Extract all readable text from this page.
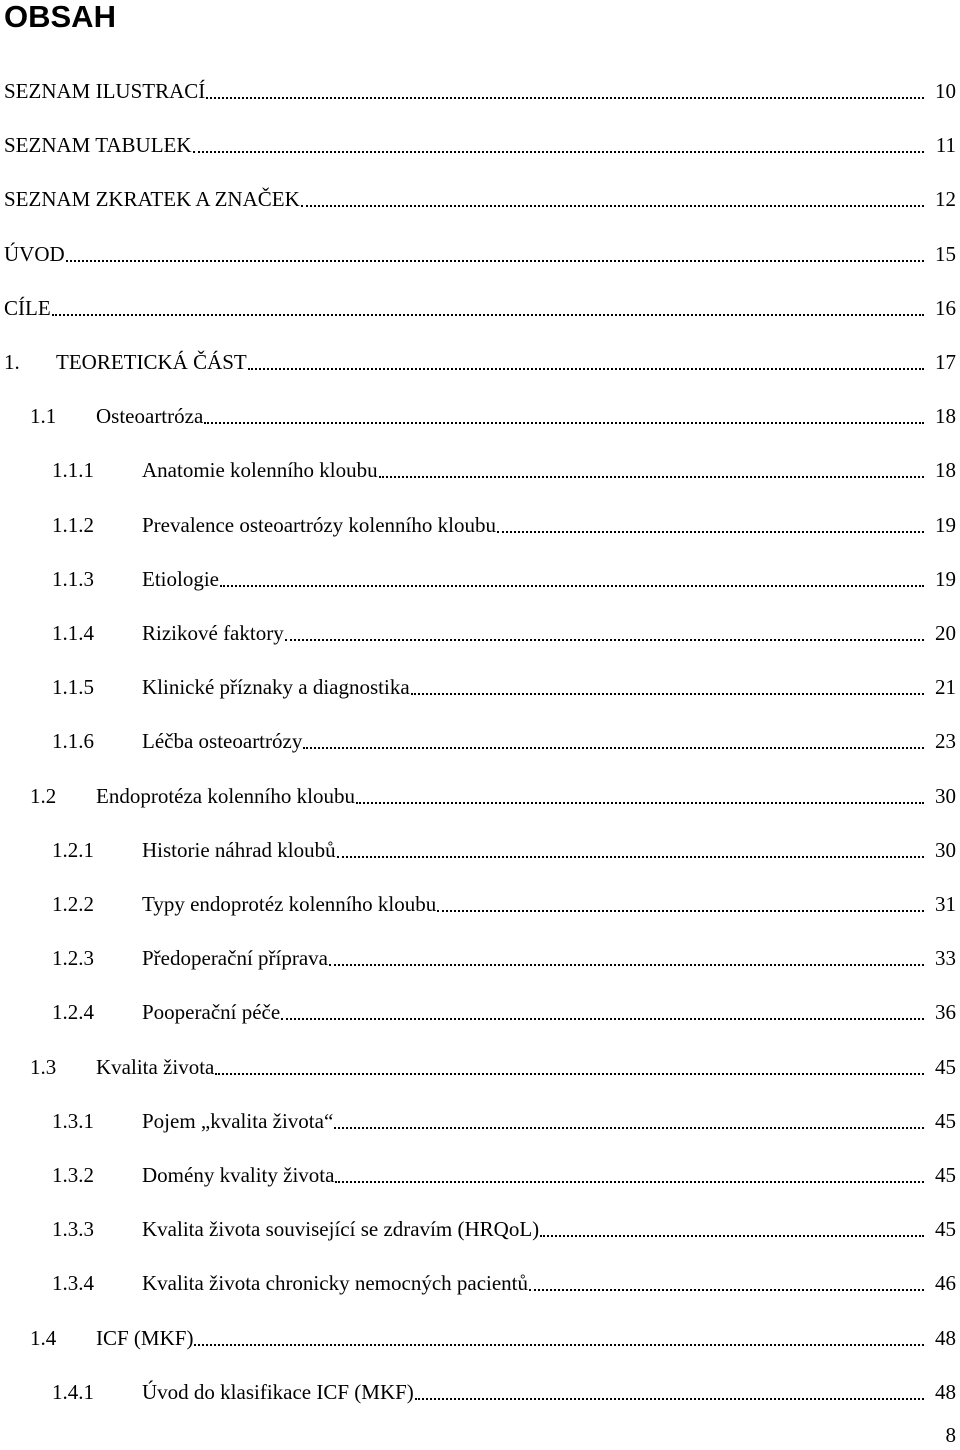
OBSAH
SEZNAM ILUSTRACÍ	10
SEZNAM TABULEK	11
SEZNAM ZKRATEK A ZNAČEK	12
ÚVOD	15
CÍLE	16
1.	TEORETICKÁ ČÁST	17
1.1	Osteoartróza	18
1.1.1	Anatomie kolenního kloubu	18
1.1.2	Prevalence osteoartrózy kolenního kloubu	19
1.1.3	Etiologie	19
1.1.4	Rizikové faktory	20
1.1.5	Klinické příznaky a diagnostika	21
1.1.6	Léčba osteoartrózy	23
1.2	Endoprotéza kolenního kloubu	30
1.2.1	Historie náhrad kloubů	30
1.2.2	Typy endoprotéz kolenního kloubu	31
1.2.3	Předoperační příprava	33
1.2.4	Pooperační péče	36
1.3	Kvalita života	45
1.3.1	Pojem „kvalita života“	45
1.3.2	Domény kvality života	45
1.3.3	Kvalita života související se zdravím (HRQoL)	45
1.3.4	Kvalita života chronicky nemocných pacientů	46
1.4	ICF (MKF)	48
1.4.1	Úvod do klasifikace ICF (MKF)	48
8
